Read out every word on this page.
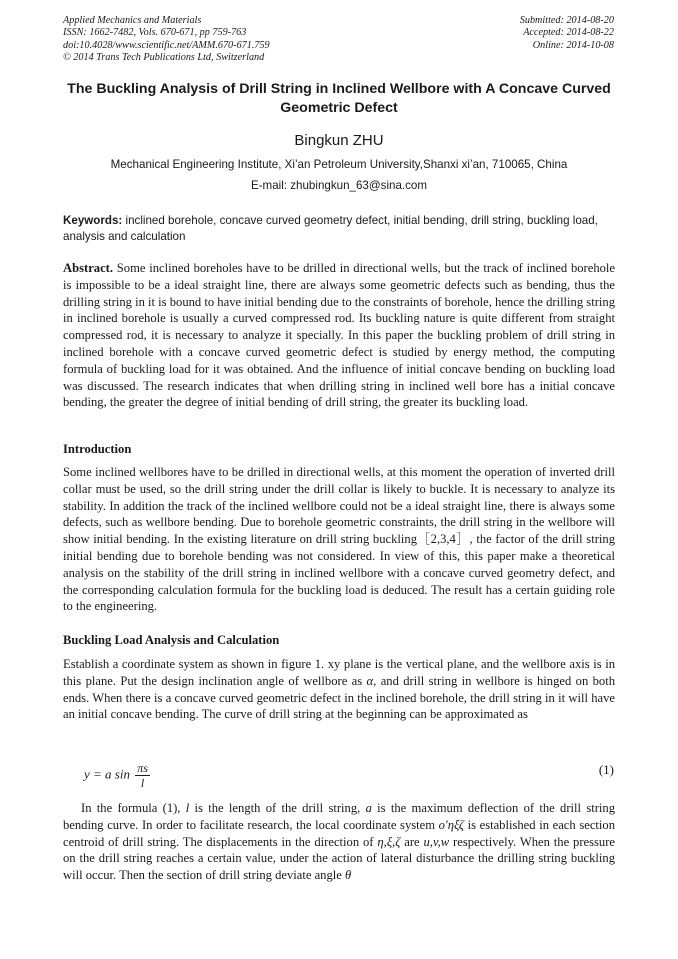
Applied Mechanics and Materials
ISSN: 1662-7482, Vols. 670-671, pp 759-763
doi:10.4028/www.scientific.net/AMM.670-671.759
© 2014 Trans Tech Publications Ltd, Switzerland
Submitted: 2014-08-20
Accepted: 2014-08-22
Online: 2014-10-08
The Buckling Analysis of Drill String in Inclined Wellbore with A Concave Curved Geometric Defect
Bingkun ZHU
Mechanical Engineering Institute, Xi’an Petroleum University,Shanxi xi’an, 710065, China
E-mail: zhubingkun_63@sina.com
Keywords: inclined borehole, concave curved geometry defect, initial bending, drill string, buckling load, analysis and calculation
Abstract. Some inclined boreholes have to be drilled in directional wells, but the track of inclined borehole is impossible to be a ideal straight line, there are always some geometric defects such as bending, thus the drilling string in it is bound to have initial bending due to the constraints of borehole, hence the drilling string in inclined borehole is usually a curved compressed rod. Its buckling nature is quite different from straight compressed rod, it is necessary to analyze it specially. In this paper the buckling problem of drill string in inclined borehole with a concave curved geometric defect is studied by energy method, the computing formula of buckling load for it was obtained. And the influence of initial concave bending on buckling load was discussed. The research indicates that when drilling string in inclined well bore has a initial concave bending, the greater the degree of initial bending of drill string, the greater its buckling load.
Introduction
Some inclined wellbores have to be drilled in directional wells, at this moment the operation of inverted drill collar must be used, so the drill string under the drill collar is likely to buckle. It is necessary to analyze its stability. In addition the track of the inclined wellbore could not be a ideal straight line, there is always some defects, such as wellbore bending. Due to borehole geometric constraints, the drill string in the wellbore will show initial bending. In the existing literature on drill string buckling［2,3,4］, the factor of the drill string initial bending due to borehole bending was not considered. In view of this, this paper make a theoretical analysis on the stability of the drill string in inclined wellbore with a concave curved geometry defect, and the corresponding calculation formula for the buckling load is deduced. The result has a certain guiding role to the engineering.
Buckling Load Analysis and Calculation
Establish a coordinate system as shown in figure 1. xy plane is the vertical plane, and the wellbore axis is in this plane. Put the design inclination angle of wellbore as α, and drill string in wellbore is hinged on both ends. When there is a concave curved geometric defect in the inclined borehole, the drill string in it will have an initial concave bending. The curve of drill string at the beginning can be approximated as
y = a $\sin \frac{\pi s}{l}$	(1)
In the formula (1), l is the length of the drill string, a is the maximum deflection of the drill string bending curve. In order to facilitate research, the local coordinate system o′ηξζ is established in each section centroid of drill string. The displacements in the direction of η,ξ,ζ are u,v,w respectively. When the pressure on the drill string reaches a certain value, under the action of lateral disturbance the drilling string buckling will occur. Then the section of drill string deviate angle θ
